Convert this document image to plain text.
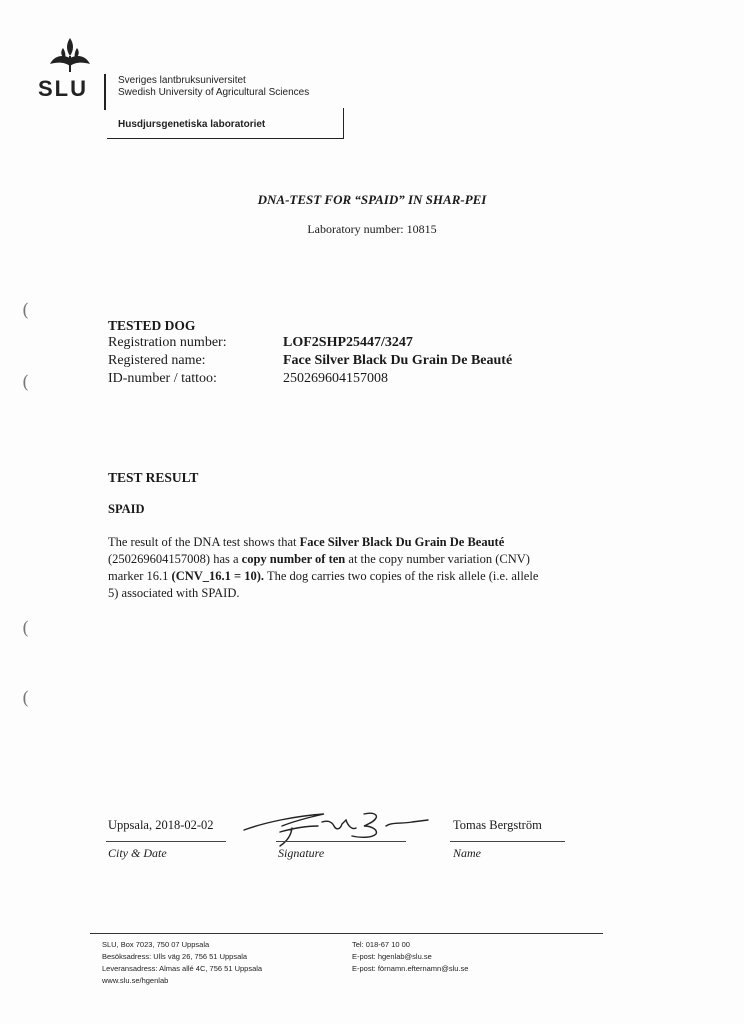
SLU	Sveriges lantbruksuniversitet
Swedish University of Agricultural Sciences
Husdjursgenetiska laboratoriet
DNA-TEST FOR “SPAID” IN SHAR-PEI
Laboratory number: 10815
TESTED DOG
Registration number:	LOF2SHP25447/3247
Registered name:	Face Silver Black Du Grain De Beauté
ID-number / tattoo:	250269604157008
TEST RESULT
SPAID
The result of the DNA test shows that Face Silver Black Du Grain De Beauté (250269604157008) has a copy number of ten at the copy number variation (CNV) marker 16.1 (CNV_16.1 = 10). The dog carries two copies of the risk allele (i.e. allele 5) associated with SPAID.
Uppsala, 2018-02-02
City & Date	Signature
Tomas Bergström
Name
SLU, Box 7023, 750 07 Uppsala
Besöksadress: Ulls väg 26, 756 51 Uppsala
Leveransadress: Almas allé 4C, 756 51 Uppsala
www.slu.se/hgenlab
Tel: 018-67 10 00
E-post: hgenlab@slu.se
E-post: förnamn.efternamn@slu.se
(
(
(
(
